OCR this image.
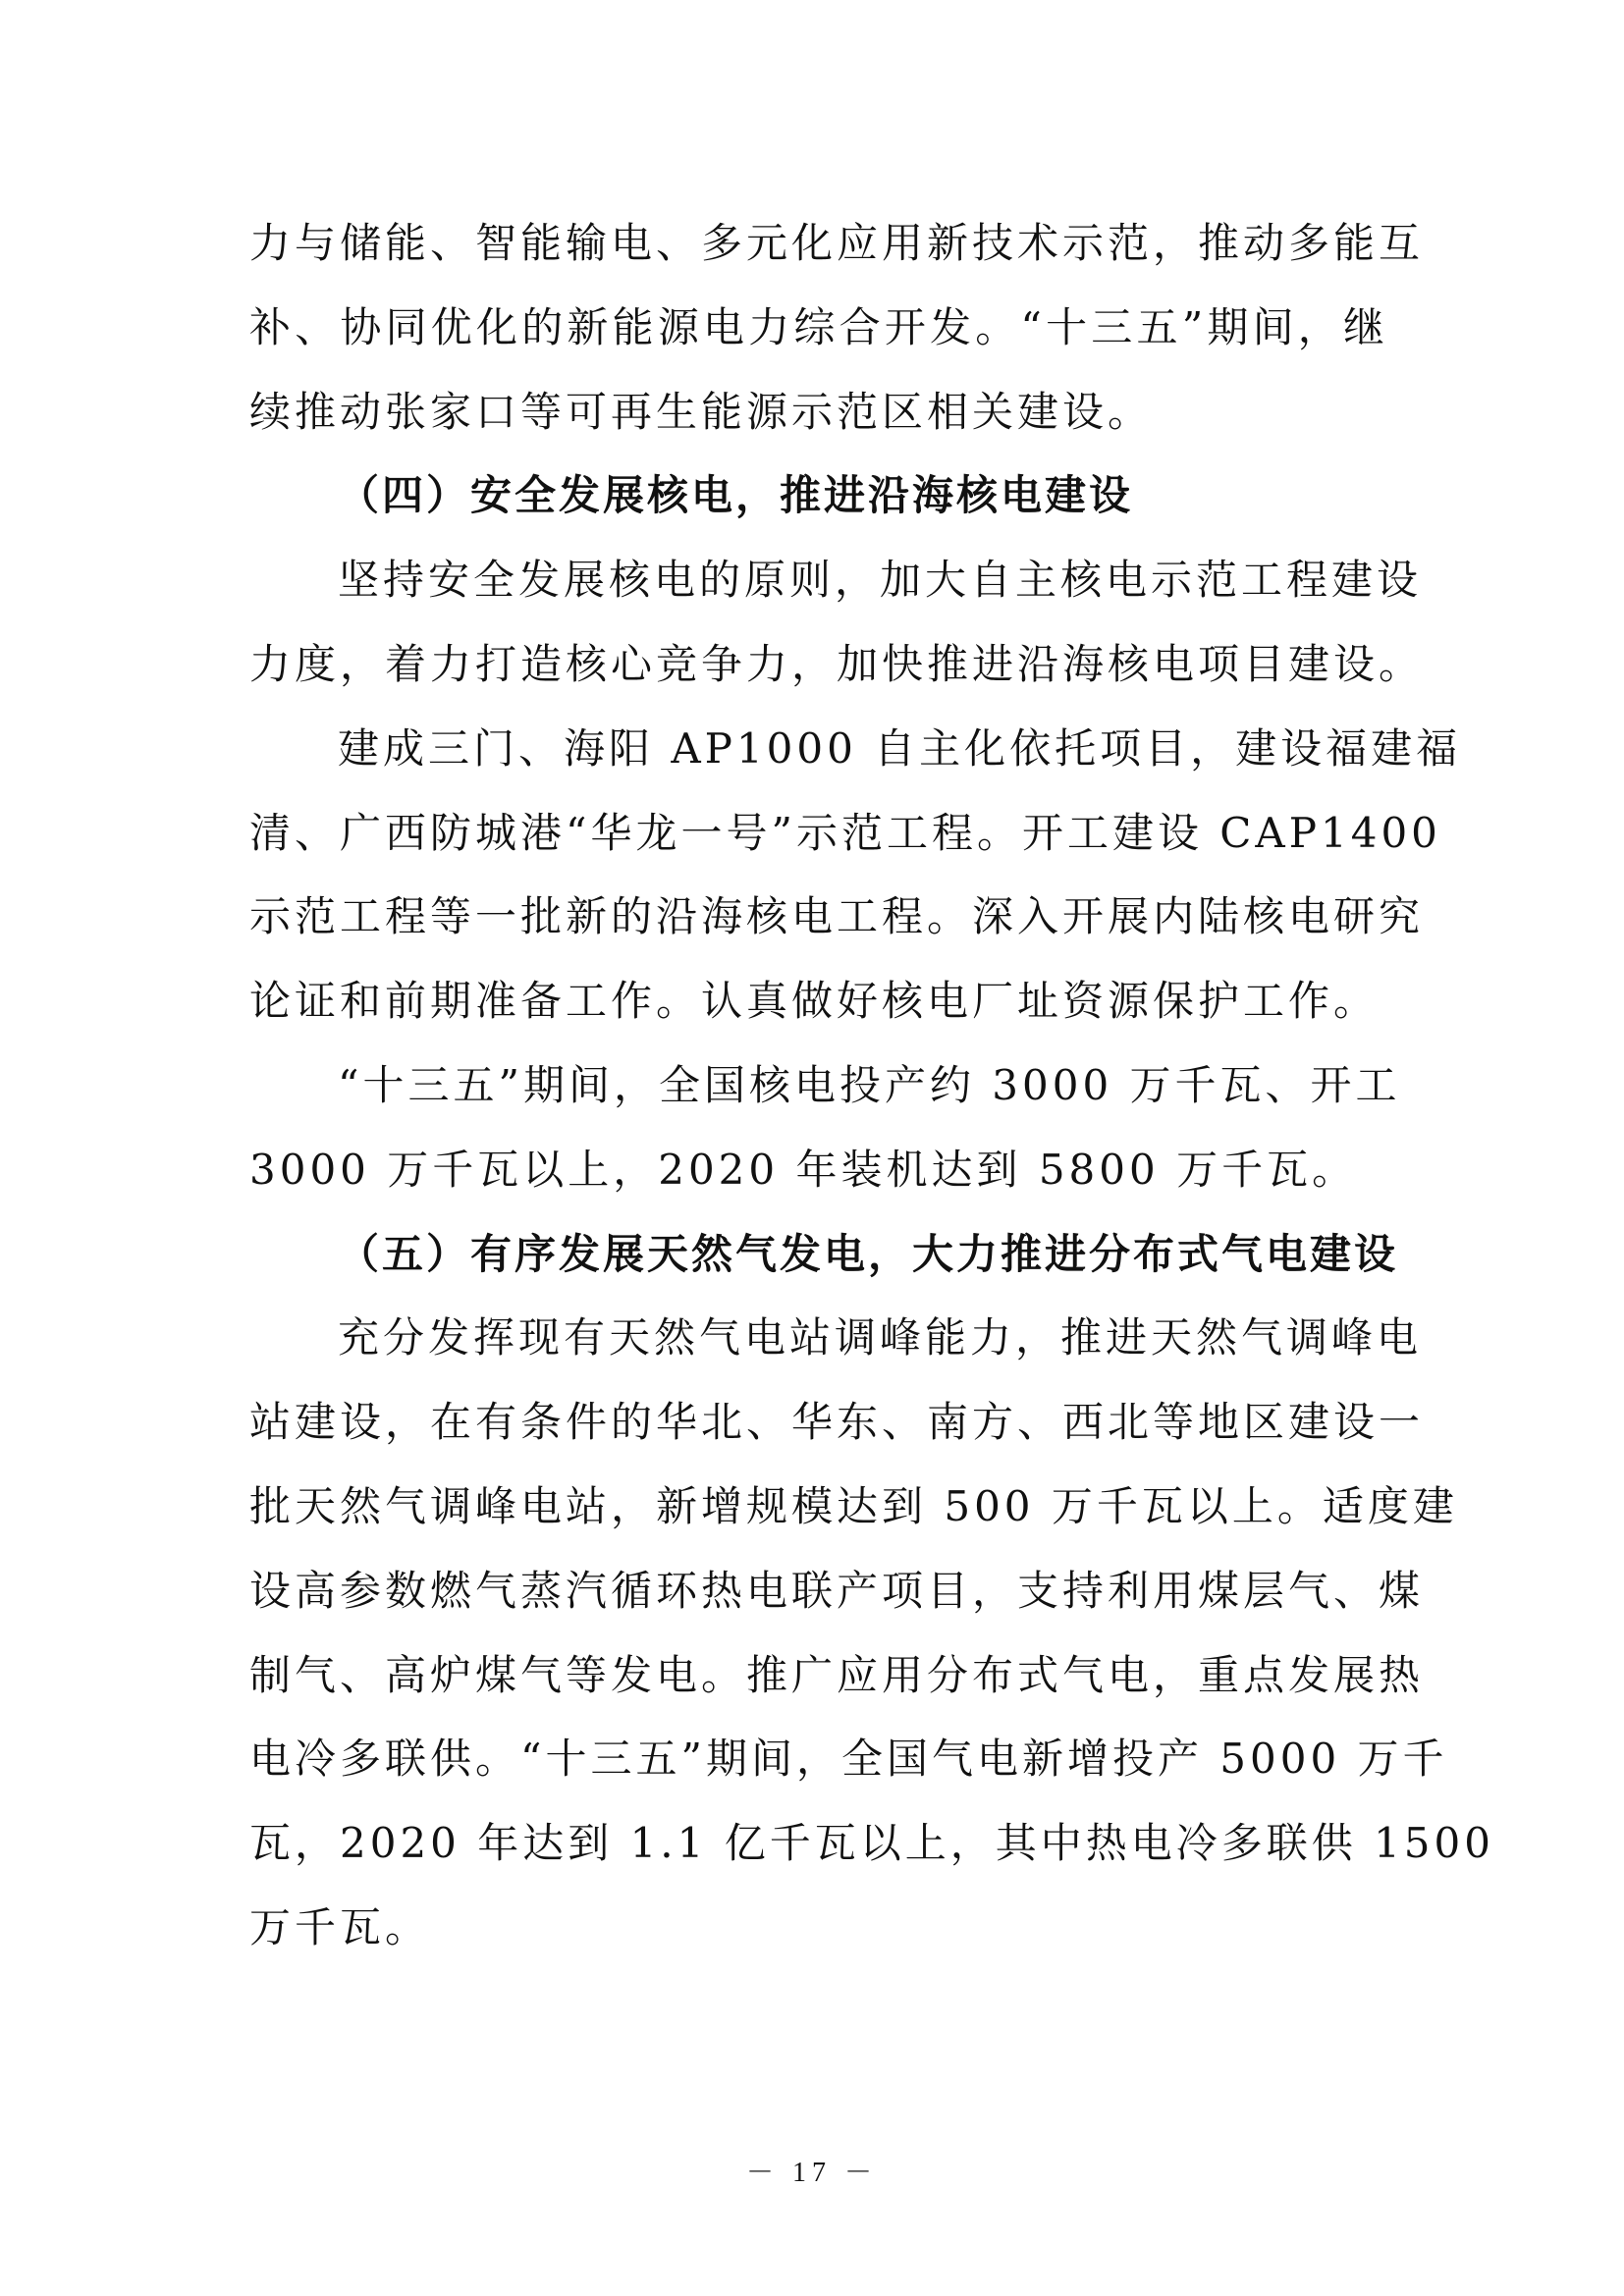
力与储能、智能输电、多元化应用新技术示范，推动多能互
补、协同优化的新能源电力综合开发。“十三五”期间，继
续推动张家口等可再生能源示范区相关建设。
（四）安全发展核电，推进沿海核电建设
坚持安全发展核电的原则，加大自主核电示范工程建设
力度，着力打造核心竞争力，加快推进沿海核电项目建设。
建成三门、海阳 AP1000 自主化依托项目，建设福建福
清、广西防城港“华龙一号”示范工程。开工建设 CAP1400
示范工程等一批新的沿海核电工程。深入开展内陆核电研究
论证和前期准备工作。认真做好核电厂址资源保护工作。
“十三五”期间，全国核电投产约 3000 万千瓦、开工
3000 万千瓦以上，2020 年装机达到 5800 万千瓦。
（五）有序发展天然气发电，大力推进分布式气电建设
充分发挥现有天然气电站调峰能力，推进天然气调峰电
站建设，在有条件的华北、华东、南方、西北等地区建设一
批天然气调峰电站，新增规模达到 500 万千瓦以上。适度建
设高参数燃气蒸汽循环热电联产项目，支持利用煤层气、煤
制气、高炉煤气等发电。推广应用分布式气电，重点发展热
电冷多联供。“十三五”期间，全国气电新增投产 5000 万千
瓦，2020 年达到 1.1 亿千瓦以上，其中热电冷多联供 1500
万千瓦。
－ 17 －
